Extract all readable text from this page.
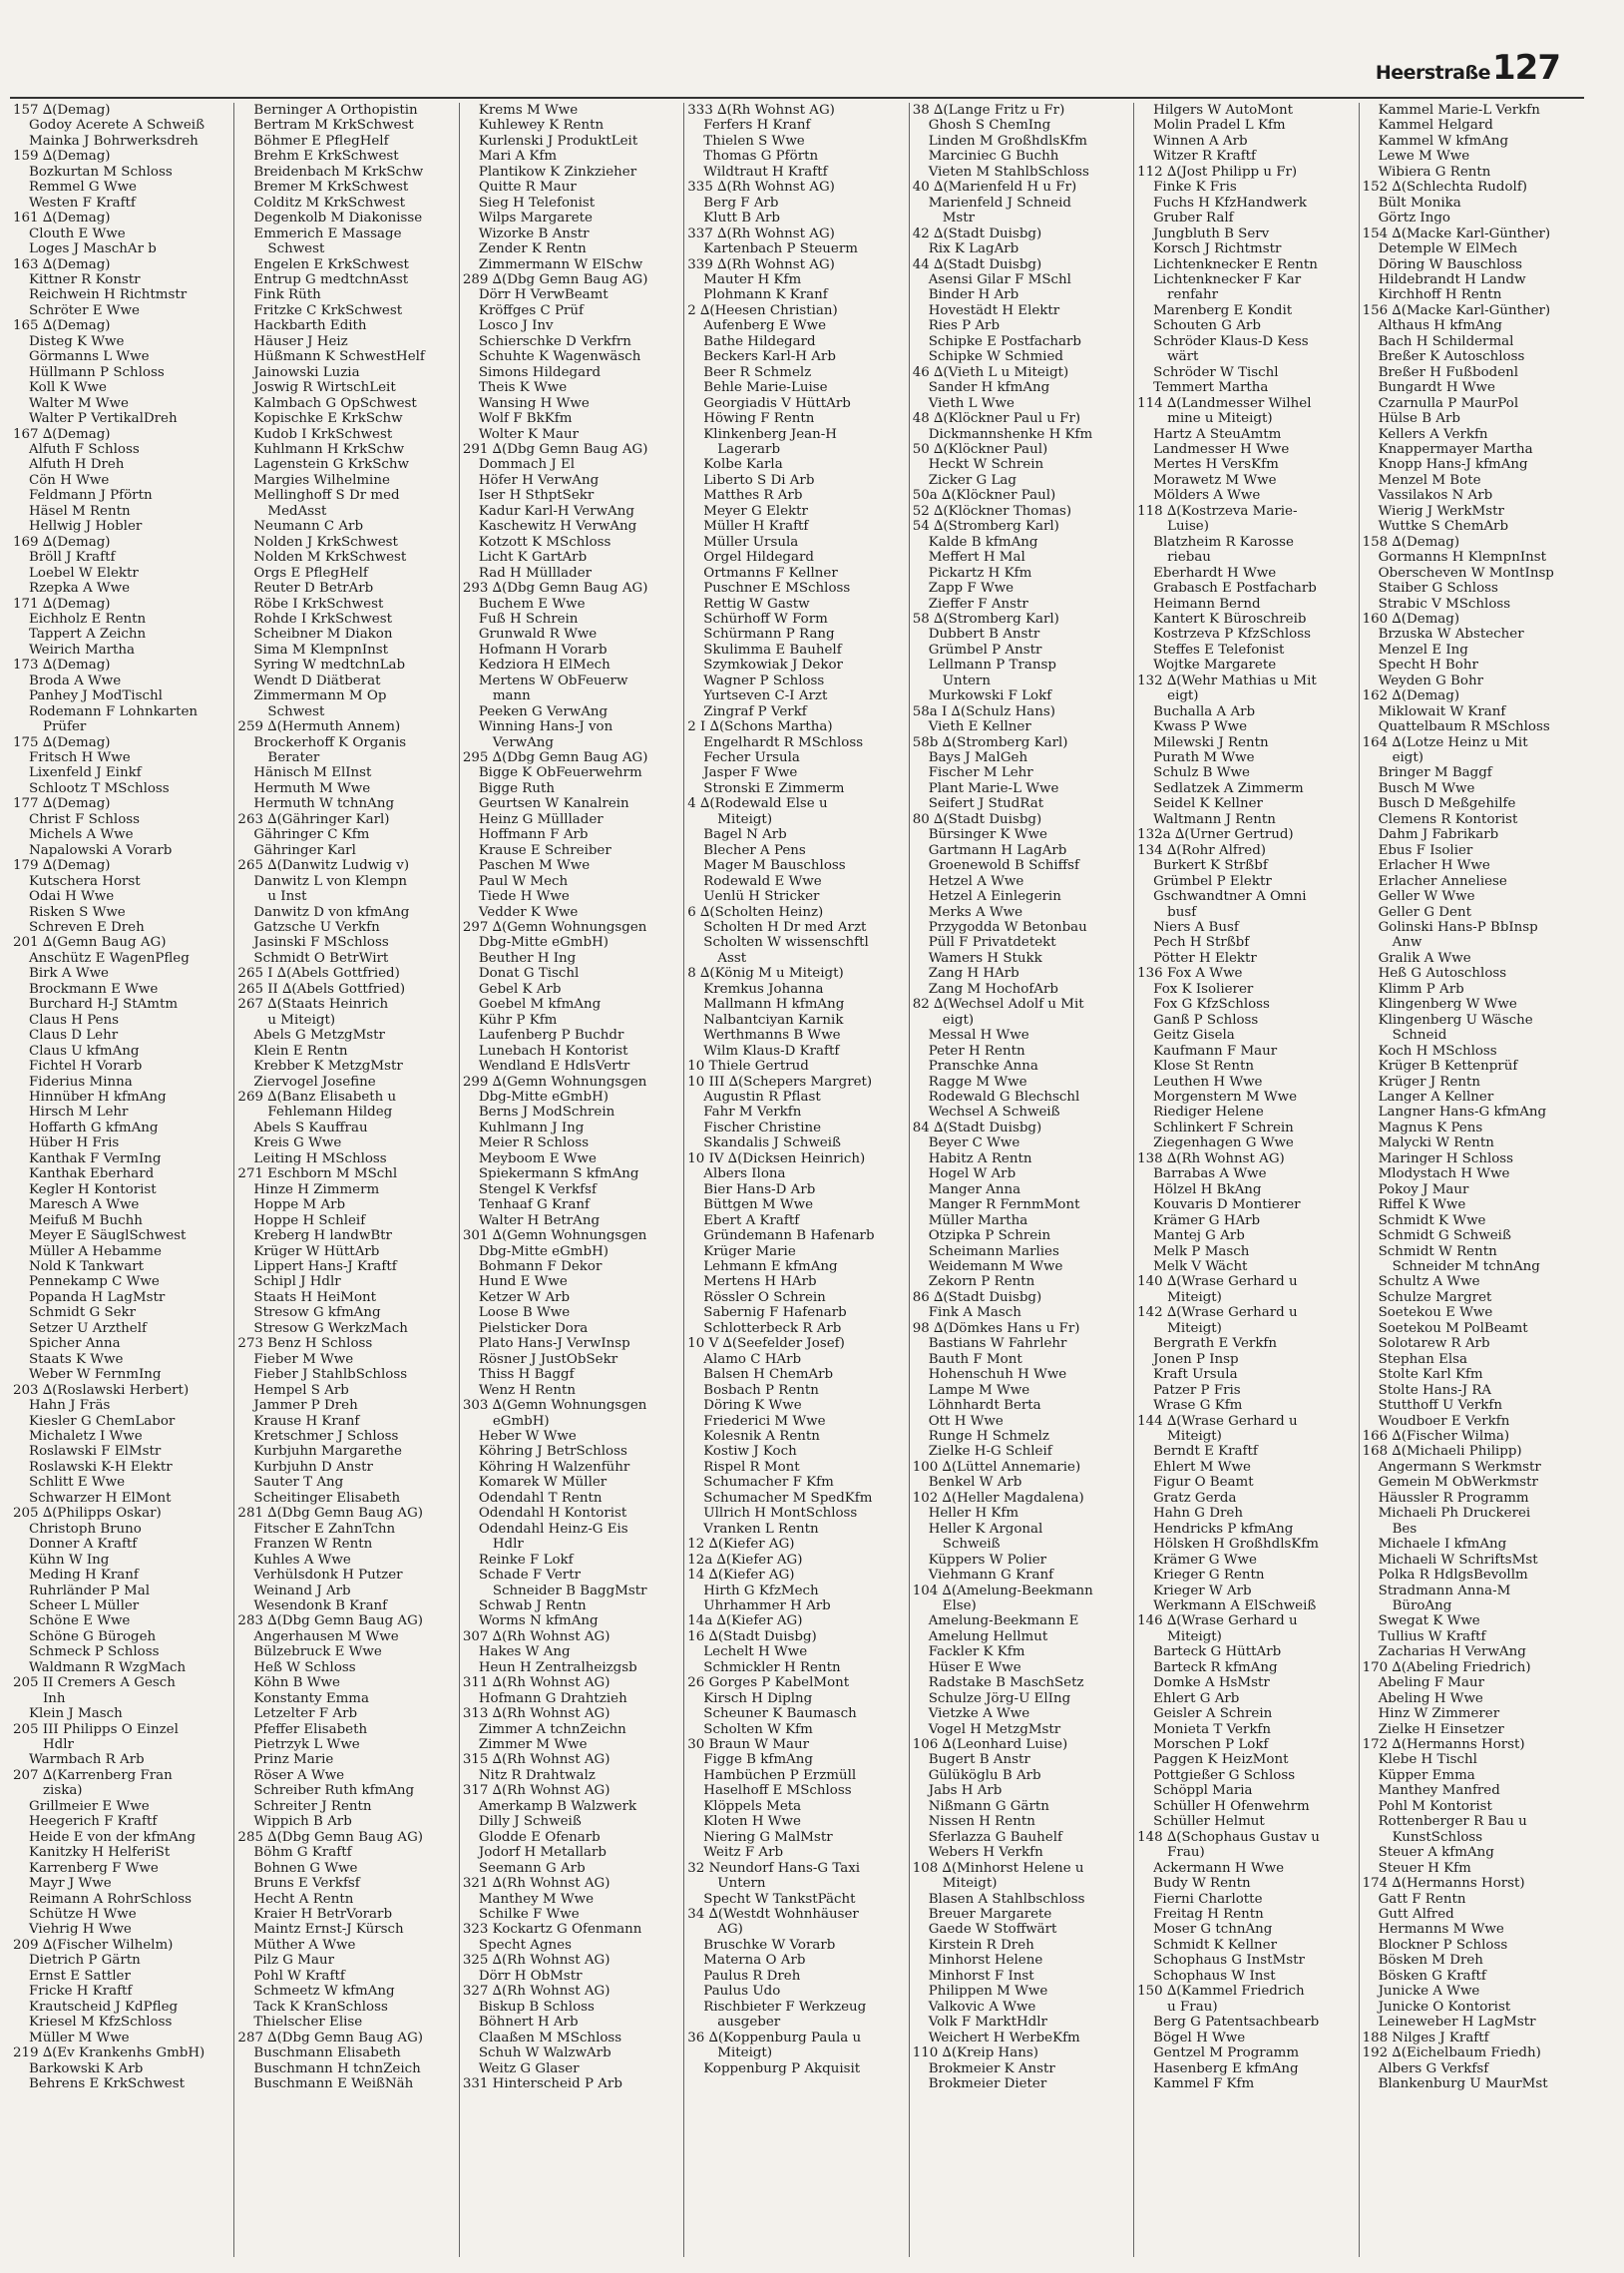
Heerstraße 127
157 ∆(Demag)
Godoy Acerete A Schweiß
Mainka J Bohrwerksdreh
159 ∆(Demag)
Bozkurtan M Schloss
Remmel G Wwe
Westen F Kraftf
161 ∆(Demag)
Clouth E Wwe
Loges J MaschAr b
163 ∆(Demag)
Kittner R Konstr
Reichwein H Richtmstr
Schröter E Wwe
165 ∆(Demag)
Disteg K Wwe
Görmanns L Wwe
Hüllmann P Schloss
Koll K Wwe
Walter M Wwe
Walter P VertikalDreh
167 ∆(Demag)
Alfuth F Schloss
Alfuth H Dreh
Cön H Wwe
Feldmann J Pförtn
Häsel M Rentn
Hellwig J Hobler
169 ∆(Demag)
Bröll J Kraftf
Loebel W Elektr
Rzepka A Wwe
171 ∆(Demag)
Eichholz E Rentn
Tappert A Zeichn
Weirich Martha
173 ∆(Demag)
Broda A Wwe
Panhey J ModTischl
Rodemann F Lohnkarten
Prüfer
175 ∆(Demag)
Fritsch H Wwe
Lixenfeld J Einkf
Schlootz T MSchloss
177 ∆(Demag)
Christ F Schloss
Michels A Wwe
Napalowski A Vorarb
179 ∆(Demag)
Kutschera Horst
Odai H Wwe
Risken S Wwe
Schreven E Dreh
201 ∆(Gemn Baug AG)
Anschütz E WagenPfleg
Birk A Wwe
Brockmann E Wwe
Burchard H-J StAmtm
Claus H Pens
Claus D Lehr
Claus U kfmAng
Fichtel H Vorarb
Fiderius Minna
Hinnüber H kfmAng
Hirsch M Lehr
Hoffarth G kfmAng
Hüber H Fris
Kanthak F VermIng
Kanthak Eberhard
Kegler H Kontorist
Maresch A Wwe
Meifuß M Buchh
Meyer E SäuglSchwest
Müller A Hebamme
Nold K Tankwart
Pennekamp C Wwe
Popanda H LagMstr
Schmidt G Sekr
Setzer U Arzthelf
Spicher Anna
Staats K Wwe
Weber W FernmIng
203 ∆(Roslawski Herbert)
Hahn J Fräs
Kiesler G ChemLabor
Michaletz I Wwe
Roslawski F ElMstr
Roslawski K-H Elektr
Schlitt E Wwe
Schwarzer H ElMont
205 ∆(Philipps Oskar)
Christoph Bruno
Donner A Kraftf
Kühn W Ing
Meding H Kranf
Ruhrländer P Mal
Scheer L Müller
Schöne E Wwe
Schöne G Bürogeh
Schmeck P Schloss
Waldmann R WzgMach
205 II Cremers A Gesch
Inh
Klein J Masch
205 III Philipps O Einzel
Hdlr
Warmbach R Arb
207 ∆(Karrenberg Fran
ziska)
Grillmeier E Wwe
Heegerich F Kraftf
Heide E von der kfmAng
Kanitzky H HelferiSt
Karrenberg F Wwe
Mayr J Wwe
Reimann A RohrSchloss
Schütze H Wwe
Viehrig H Wwe
209 ∆(Fischer Wilhelm)
Dietrich P Gärtn
Ernst E Sattler
Fricke H Kraftf
Krautscheid J KdPfleg
Kriesel M KfzSchloss
Müller M Wwe
219 ∆(Ev Krankenhs GmbH)
Barkowski K Arb
Behrens E KrkSchwest
Berninger A Orthopistin
Bertram M KrkSchwest
Böhmer E PflegHelf
Brehm E KrkSchwest
Breidenbach M KrkSchw
Bremer M KrkSchwest
Colditz M KrkSchwest
Degenkolb M Diakonisse
Emmerich E Massage
Schwest
Engelen E KrkSchwest
Entrup G medtchnAsst
Fink Rüth
Fritzke C KrkSchwest
Hackbarth Edith
Häuser J Heiz
Hüßmann K SchwestHelf
Jainowski Luzia
Joswig R WirtschLeit
Kalmbach G OpSchwest
Kopischke E KrkSchw
Kudob I KrkSchwest
Kuhlmann H KrkSchw
Lagenstein G KrkSchw
Margies Wilhelmine
Mellinghoff S Dr med
MedAsst
Neumann C Arb
Nolden J KrkSchwest
Nolden M KrkSchwest
Orgs E PflegHelf
Reuter D BetrArb
Röbe I KrkSchwest
Rohde I KrkSchwest
Scheibner M Diakon
Sima M KlempnInst
Syring W medtchnLab
Wendt D Diätberat
Zimmermann M Op
Schwest
259 ∆(Hermuth Annem)
Brockerhoff K Organis
Berater
Hänisch M ElInst
Hermuth M Wwe
Hermuth W tchnAng
263 ∆(Gähringer Karl)
Gähringer C Kfm
Gähringer Karl
265 ∆(Danwitz Ludwig v)
Danwitz L von Klempn
u Inst
Danwitz D von kfmAng
Gatzsche U Verkfn
Jasinski F MSchloss
Schmidt O BetrWirt
265 I ∆(Abels Gottfried)
265 II ∆(Abels Gottfried)
267 ∆(Staats Heinrich
u Miteigt)
Abels G MetzgMstr
Klein E Rentn
Krebber K MetzgMstr
Ziervogel Josefine
269 ∆(Banz Elisabeth u
Fehlemann Hildeg
Abels S Kauffrau
Kreis G Wwe
Leiting H MSchloss
271 Eschborn M MSchl
Hinze H Zimmerm
Hoppe M Arb
Hoppe H Schleif
Kreberg H landwBtr
Krüger W HüttArb
Lippert Hans-J Kraftf
Schipl J Hdlr
Staats H HeiMont
Stresow G kfmAng
Stresow G WerkzMach
273 Benz H Schloss
Fieber M Wwe
Fieber J StahlbSchloss
Hempel S Arb
Jammer P Dreh
Krause H Kranf
Kretschmer J Schloss
Kurbjuhn Margarethe
Kurbjuhn D Anstr
Sauter T Ang
Scheitinger Elisabeth
281 ∆(Dbg Gemn Baug AG)
Fitscher E ZahnTchn
Franzen W Rentn
Kuhles A Wwe
Verhülsdonk H Putzer
Weinand J Arb
Wesendonk B Kranf
283 ∆(Dbg Gemn Baug AG)
Angerhausen M Wwe
Bülzebruck E Wwe
Heß W Schloss
Köhn B Wwe
Konstanty Emma
Letzelter F Arb
Pfeffer Elisabeth
Pietrzyk L Wwe
Prinz Marie
Röser A Wwe
Schreiber Ruth kfmAng
Schreiter J Rentn
Wippich B Arb
285 ∆(Dbg Gemn Baug AG)
Böhm G Kraftf
Bohnen G Wwe
Bruns E Verkfsf
Hecht A Rentn
Kraier H BetrVorarb
Maintz Ernst-J Kürsch
Müther A Wwe
Pilz G Maur
Pohl W Kraftf
Schmeetz W kfmAng
Tack K KranSchloss
Thielscher Elise
287 ∆(Dbg Gemn Baug AG)
Buschmann Elisabeth
Buschmann H tchnZeich
Buschmann E WeißNäh
Krems M Wwe
Kuhlewey K Rentn
Kurlenski J ProduktLeit
Mari A Kfm
Plantikow K Zinkzieher
Quitte R Maur
Sieg H Telefonist
Wilps Margarete
Wizorke B Anstr
Zender K Rentn
Zimmermann W ElSchw
289 ∆(Dbg Gemn Baug AG)
Dörr H VerwBeamt
Kröffges C Prüf
Losco J Inv
Schierschke D Verkfrn
Schuhte K Wagenwäsch
Simons Hildegard
Theis K Wwe
Wansing H Wwe
Wolf F BkKfm
Wolter K Maur
291 ∆(Dbg Gemn Baug AG)
Dommach J El
Höfer H VerwAng
Iser H SthptSekr
Kadur Karl-H VerwAng
Kaschewitz H VerwAng
Kotzott K MSchloss
Licht K GartArb
Rad H Mülllader
293 ∆(Dbg Gemn Baug AG)
Buchem E Wwe
Fuß H Schrein
Grunwald R Wwe
Hofmann H Vorarb
Kedziora H ElMech
Mertens W ObFeuerw
mann
Peeken G VerwAng
Winning Hans-J von
VerwAng
295 ∆(Dbg Gemn Baug AG)
Bigge K ObFeuerwehrm
Bigge Ruth
Geurtsen W Kanalrein
Heinz G Mülllader
Hoffmann F Arb
Krause E Schreiber
Paschen M Wwe
Paul W Mech
Tiede H Wwe
Vedder K Wwe
297 ∆(Gemn Wohnungsgen
Dbg-Mitte eGmbH)
Beuther H Ing
Donat G Tischl
Gebel K Arb
Goebel M kfmAng
Kühr P Kfm
Laufenberg P Buchdr
Lunebach H Kontorist
Wendland E HdlsVertr
299 ∆(Gemn Wohnungsgen
Dbg-Mitte eGmbH)
Berns J ModSchrein
Kuhlmann J Ing
Meier R Schloss
Meyboom E Wwe
Spiekermann S kfmAng
Stengel K Verkfsf
Tenhaaf G Kranf
Walter H BetrAng
301 ∆(Gemn Wohnungsgen
Dbg-Mitte eGmbH)
Bohmann F Dekor
Hund E Wwe
Ketzer W Arb
Loose B Wwe
Pielsticker Dora
Plato Hans-J VerwInsp
Rösner J JustObSekr
Thiss H Baggf
Wenz H Rentn
303 ∆(Gemn Wohnungsgen
eGmbH)
Heber W Wwe
Köhring J BetrSchloss
Köhring H Walzenführ
Komarek W Müller
Odendahl T Rentn
Odendahl H Kontorist
Odendahl Heinz-G Eis
Hdlr
Reinke F Lokf
Schade F Vertr
Schneider B BaggMstr
Schwab J Rentn
Worms N kfmAng
307 ∆(Rh Wohnst AG)
Hakes W Ang
Heun H Zentralheizgsb
311 ∆(Rh Wohnst AG)
Hofmann G Drahtzieh
313 ∆(Rh Wohnst AG)
Zimmer A tchnZeichn
Zimmer M Wwe
315 ∆(Rh Wohnst AG)
Nitz R Drahtwalz
317 ∆(Rh Wohnst AG)
Amerkamp B Walzwerk
Dilly J Schweiß
Glodde E Ofenarb
Jodorf H Metallarb
Seemann G Arb
321 ∆(Rh Wohnst AG)
Manthey M Wwe
Schilke F Wwe
323 Kockartz G Ofenmann
Specht Agnes
325 ∆(Rh Wohnst AG)
Dörr H ObMstr
327 ∆(Rh Wohnst AG)
Biskup B Schloss
Böhnert H Arb
Claaßen M MSchloss
Schuh W WalzwArb
Weitz G Glaser
331 Hinterscheid P Arb
333 ∆(Rh Wohnst AG)
Ferfers H Kranf
Thielen S Wwe
Thomas G Pförtn
Wildtraut H Kraftf
335 ∆(Rh Wohnst AG)
Berg F Arb
Klutt B Arb
337 ∆(Rh Wohnst AG)
Kartenbach P Steuerm
339 ∆(Rh Wohnst AG)
Mauter H Kfm
Plohmann K Kranf
2 ∆(Heesen Christian)
Aufenberg E Wwe
Bathe Hildegard
Beckers Karl-H Arb
Beer R Schmelz
Behle Marie-Luise
Georgiadis V HüttArb
Höwing F Rentn
Klinkenberg Jean-H
Lagerarb
Kolbe Karla
Liberto S Di Arb
Matthes R Arb
Meyer G Elektr
Müller H Kraftf
Müller Ursula
Orgel Hildegard
Ortmanns F Kellner
Puschner E MSchloss
Rettig W Gastw
Schürhoff W Form
Schürmann P Rang
Skulimma E Bauhelf
Szymkowiak J Dekor
Wagner P Schloss
Yurtseven C-I Arzt
Zingraf P Verkf
2 I ∆(Schons Martha)
Engelhardt R MSchloss
Fecher Ursula
Jasper F Wwe
Stronski E Zimmerm
4 ∆(Rodewald Else u
Miteigt)
Bagel N Arb
Blecher A Pens
Mager M Bauschloss
Rodewald E Wwe
Uenlü H Stricker
6 ∆(Scholten Heinz)
Scholten H Dr med Arzt
Scholten W wissenschftl
Asst
8 ∆(König M u Miteigt)
Kremkus Johanna
Mallmann H kfmAng
Nalbantciyan Karnik
Werthmanns B Wwe
Wilm Klaus-D Kraftf
10 Thiele Gertrud
10 III ∆(Schepers Margret)
Augustin R Pflast
Fahr M Verkfn
Fischer Christine
Skandalis J Schweiß
10 IV ∆(Dicksen Heinrich)
Albers Ilona
Bier Hans-D Arb
Büttgen M Wwe
Ebert A Kraftf
Gründemann B Hafenarb
Krüger Marie
Lehmann E kfmAng
Mertens H HArb
Rössler O Schrein
Sabernig F Hafenarb
Schlotterbeck R Arb
10 V ∆(Seefelder Josef)
Alamo C HArb
Balsen H ChemArb
Bosbach P Rentn
Döring K Wwe
Friederici M Wwe
Kolesnik A Rentn
Kostiw J Koch
Rispel R Mont
Schumacher F Kfm
Schumacher M SpedKfm
Ullrich H MontSchloss
Vranken L Rentn
12 ∆(Kiefer AG)
12a ∆(Kiefer AG)
14 ∆(Kiefer AG)
Hirth G KfzMech
Uhrhammer H Arb
14a ∆(Kiefer AG)
16 ∆(Stadt Duisbg)
Lechelt H Wwe
Schmickler H Rentn
26 Gorges P KabelMont
Kirsch H Diplng
Scheuner K Baumasch
Scholten W Kfm
30 Braun W Maur
Figge B kfmAng
Hambüchen P Erzmüll
Haselhoff E MSchloss
Klöppels Meta
Kloten H Wwe
Niering G MalMstr
Weitz F Arb
32 Neundorf Hans-G Taxi
Untern
Specht W TankstPächt
34 ∆(Westdt Wohnhäuser
AG)
Bruschke W Vorarb
Materna O Arb
Paulus R Dreh
Paulus Udo
Rischbieter F Werkzeug
ausgeber
36 ∆(Koppenburg Paula u
Miteigt)
Koppenburg P Akquisit
38 ∆(Lange Fritz u Fr)
Ghosh S ChemIng
Linden M GroßhdlsKfm
Marciniec G Buchh
Vieten M StahlbSchloss
40 ∆(Marienfeld H u Fr)
Marienfeld J Schneid
Mstr
42 ∆(Stadt Duisbg)
Rix K LagArb
44 ∆(Stadt Duisbg)
Asensi Gilar F MSchl
Binder H Arb
Hovestädt H Elektr
Ries P Arb
Schipke E Postfacharb
Schipke W Schmied
46 ∆(Vieth L u Miteigt)
Sander H kfmAng
Vieth L Wwe
48 ∆(Klöckner Paul u Fr)
Dickmannshenke H Kfm
50 ∆(Klöckner Paul)
Heckt W Schrein
Zicker G Lag
50a ∆(Klöckner Paul)
52 ∆(Klöckner Thomas)
54 ∆(Stromberg Karl)
Kalde B kfmAng
Meffert H Mal
Pickartz H Kfm
Zapp F Wwe
Zieffer F Anstr
58 ∆(Stromberg Karl)
Dubbert B Anstr
Grümbel P Anstr
Lellmann P Transp
Untern
Murkowski F Lokf
58a I ∆(Schulz Hans)
Vieth E Kellner
58b ∆(Stromberg Karl)
Bays J MalGeh
Fischer M Lehr
Plant Marie-L Wwe
Seifert J StudRat
80 ∆(Stadt Duisbg)
Bürsinger K Wwe
Gartmann H LagArb
Groenewold B Schiffsf
Hetzel A Wwe
Hetzel A Einlegerin
Merks A Wwe
Przygodda W Betonbau
Püll F Privatdetekt
Wamers H Stukk
Zang H HArb
Zang M HochofArb
82 ∆(Wechsel Adolf u Mit
eigt)
Messal H Wwe
Peter H Rentn
Pranschke Anna
Ragge M Wwe
Rodewald G Blechschl
Wechsel A Schweiß
84 ∆(Stadt Duisbg)
Beyer C Wwe
Habitz A Rentn
Hogel W Arb
Manger Anna
Manger R FernmMont
Müller Martha
Otzipka P Schrein
Scheimann Marlies
Weidemann M Wwe
Zekorn P Rentn
86 ∆(Stadt Duisbg)
Fink A Masch
98 ∆(Dömkes Hans u Fr)
Bastians W Fahrlehr
Bauth F Mont
Hohenschuh H Wwe
Lampe M Wwe
Löhnhardt Berta
Ott H Wwe
Runge H Schmelz
Zielke H-G Schleif
100 ∆(Lüttel Annemarie)
Benkel W Arb
102 ∆(Heller Magdalena)
Heller H Kfm
Heller K Argonal
Schweiß
Küppers W Polier
Viehmann G Kranf
104 ∆(Amelung-Beekmann
Else)
Amelung-Beekmann E
Amelung Hellmut
Fackler K Kfm
Hüser E Wwe
Radstake B MaschSetz
Schulze Jörg-U ElIng
Vietzke A Wwe
Vogel H MetzgMstr
106 ∆(Leonhard Luise)
Bugert B Anstr
Gülüköglu B Arb
Jabs H Arb
Nißmann G Gärtn
Nissen H Rentn
Sferlazza G Bauhelf
Webers H Verkfn
108 ∆(Minhorst Helene u
Miteigt)
Blasen A Stahlbschloss
Breuer Margarete
Gaede W Stoffwärt
Kirstein R Dreh
Minhorst Helene
Minhorst F Inst
Philippen M Wwe
Valkovic A Wwe
Volk F MarktHdlr
Weichert H WerbeKfm
110 ∆(Kreip Hans)
Brokmeier K Anstr
Brokmeier Dieter
Hilgers W AutoMont
Molin Pradel L Kfm
Winnen A Arb
Witzer R Kraftf
112 ∆(Jost Philipp u Fr)
Finke K Fris
Fuchs H KfzHandwerk
Gruber Ralf
Jungbluth B Serv
Korsch J Richtmstr
Lichtenknecker E Rentn
Lichtenknecker F Kar
renfahr
Marenberg E Kondit
Schouten G Arb
Schröder Klaus-D Kess
wärt
Schröder W Tischl
Temmert Martha
114 ∆(Landmesser Wilhel
mine u Miteigt)
Hartz A SteuAmtm
Landmesser H Wwe
Mertes H VersKfm
Morawetz M Wwe
Mölders A Wwe
118 ∆(Kostrzeva Marie-
Luise)
Blatzheim R Karosse
riebau
Eberhardt H Wwe
Grabasch E Postfacharb
Heimann Bernd
Kantert K Büroschreib
Kostrzeva P KfzSchloss
Steffes E Telefonist
Wojtke Margarete
132 ∆(Wehr Mathias u Mit
eigt)
Buchalla A Arb
Kwass P Wwe
Milewski J Rentn
Purath M Wwe
Schulz B Wwe
Sedlatzek A Zimmerm
Seidel K Kellner
Waltmann J Rentn
132a ∆(Urner Gertrud)
134 ∆(Rohr Alfred)
Burkert K Strßbf
Grümbel P Elektr
Gschwandtner A Omni
busf
Niers A Busf
Pech H Strßbf
Pötter H Elektr
136 Fox A Wwe
Fox K Isolierer
Fox G KfzSchloss
Ganß P Schloss
Geitz Gisela
Kaufmann F Maur
Klose St Rentn
Leuthen H Wwe
Morgenstern M Wwe
Riediger Helene
Schlinkert F Schrein
Ziegenhagen G Wwe
138 ∆(Rh Wohnst AG)
Barrabas A Wwe
Hölzel H BkAng
Kouvaris D Montierer
Krämer G HArb
Mantej G Arb
Melk P Masch
Melk V Wächt
140 ∆(Wrase Gerhard u
Miteigt)
142 ∆(Wrase Gerhard u
Miteigt)
Bergrath E Verkfn
Jonen P Insp
Kraft Ursula
Patzer P Fris
Wrase G Kfm
144 ∆(Wrase Gerhard u
Miteigt)
Berndt E Kraftf
Ehlert M Wwe
Figur O Beamt
Gratz Gerda
Hahn G Dreh
Hendricks P kfmAng
Hölsken H GroßhdlsKfm
Krämer G Wwe
Krieger G Rentn
Krieger W Arb
Werkmann A ElSchweiß
146 ∆(Wrase Gerhard u
Miteigt)
Barteck G HüttArb
Barteck R kfmAng
Domke A HsMstr
Ehlert G Arb
Geisler A Schrein
Monieta T Verkfn
Morschen P Lokf
Paggen K HeizMont
Pottgießer G Schloss
Schöppl Maria
Schüller H Ofenwehrm
Schüller Helmut
148 ∆(Schophaus Gustav u
Frau)
Ackermann H Wwe
Budy W Rentn
Fierni Charlotte
Freitag H Rentn
Moser G tchnAng
Schmidt K Kellner
Schophaus G InstMstr
Schophaus W Inst
150 ∆(Kammel Friedrich
u Frau)
Berg G Patentsachbearb
Bögel H Wwe
Gentzel M Programm
Hasenberg E kfmAng
Kammel F Kfm
Kammel Marie-L Verkfn
Kammel Helgard
Kammel W kfmAng
Lewe M Wwe
Wibiera G Rentn
152 ∆(Schlechta Rudolf)
Bült Monika
Görtz Ingo
154 ∆(Macke Karl-Günther)
Detemple W ElMech
Döring W Bauschloss
Hildebrandt H Landw
Kirchhoff H Rentn
156 ∆(Macke Karl-Günther)
Althaus H kfmAng
Bach H Schildermal
Breßer K Autoschloss
Breßer H Fußbodenl
Bungardt H Wwe
Czarnulla P MaurPol
Hülse B Arb
Kellers A Verkfn
Knappermayer Martha
Knopp Hans-J kfmAng
Menzel M Bote
Vassilakos N Arb
Wierig J WerkMstr
Wuttke S ChemArb
158 ∆(Demag)
Gormanns H KlempnInst
Oberscheven W MontInsp
Staiber G Schloss
Strabic V MSchloss
160 ∆(Demag)
Brzuska W Abstecher
Menzel E Ing
Specht H Bohr
Weyden G Bohr
162 ∆(Demag)
Miklowait W Kranf
Quattelbaum R MSchloss
164 ∆(Lotze Heinz u Mit
eigt)
Bringer M Baggf
Busch M Wwe
Busch D Meßgehilfe
Clemens R Kontorist
Dahm J Fabrikarb
Ebus F Isolier
Erlacher H Wwe
Erlacher Anneliese
Geller W Wwe
Geller G Dent
Golinski Hans-P BbInsp
Anw
Gralik A Wwe
Heß G Autoschloss
Klimm P Arb
Klingenberg W Wwe
Klingenberg U Wäsche
Schneid
Koch H MSchloss
Krüger B Kettenprüf
Krüger J Rentn
Langer A Kellner
Langner Hans-G kfmAng
Magnus K Pens
Malycki W Rentn
Maringer H Schloss
Mlodystach H Wwe
Pokoy J Maur
Riffel K Wwe
Schmidt K Wwe
Schmidt G Schweiß
Schmidt W Rentn
Schneider M tchnAng
Schultz A Wwe
Schulze Margret
Soetekou E Wwe
Soetekou M PolBeamt
Solotarew R Arb
Stephan Elsa
Stolte Karl Kfm
Stolte Hans-J RA
Stutthoff U Verkfn
Woudboer E Verkfn
166 ∆(Fischer Wilma)
168 ∆(Michaeli Philipp)
Angermann S Werkmstr
Gemein M ObWerkmstr
Häussler R Programm
Michaeli Ph Druckerei
Bes
Michaele I kfmAng
Michaeli W SchriftsMst
Polka R HdlgsBevollm
Stradmann Anna-M
BüroAng
Swegat K Wwe
Tullius W Kraftf
Zacharias H VerwAng
170 ∆(Abeling Friedrich)
Abeling F Maur
Abeling H Wwe
Hinz W Zimmerer
Zielke H Einsetzer
172 ∆(Hermanns Horst)
Klebe H Tischl
Küpper Emma
Manthey Manfred
Pohl M Kontorist
Rottenberger R Bau u
KunstSchloss
Steuer A kfmAng
Steuer H Kfm
174 ∆(Hermanns Horst)
Gatt F Rentn
Gutt Alfred
Hermanns M Wwe
Blockner P Schloss
Bösken M Dreh
Bösken G Kraftf
Junicke A Wwe
Junicke O Kontorist
Leineweber H LagMstr
188 Nilges J Kraftf
192 ∆(Eichelbaum Friedh)
Albers G Verkfsf
Blankenburg U MaurMst
